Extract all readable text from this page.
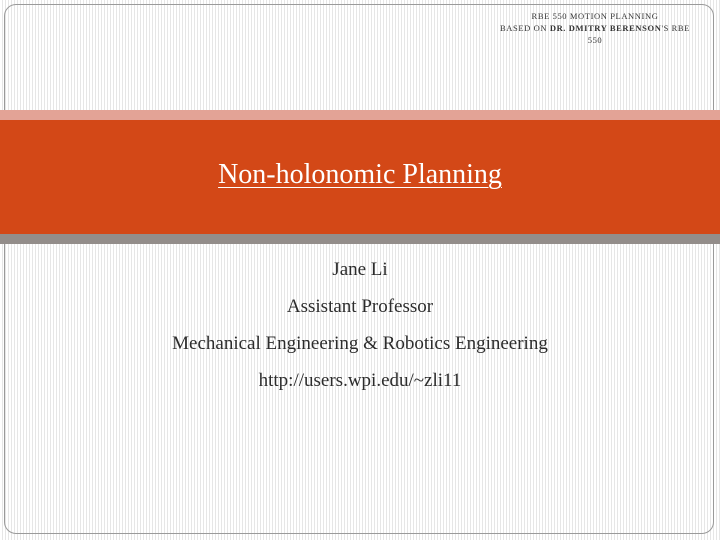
RBE 550 MOTION PLANNING
BASED ON DR. DMITRY BERENSON'S RBE
550
Non-holonomic Planning
Jane Li
Assistant Professor
Mechanical Engineering & Robotics Engineering
http://users.wpi.edu/~zli11
